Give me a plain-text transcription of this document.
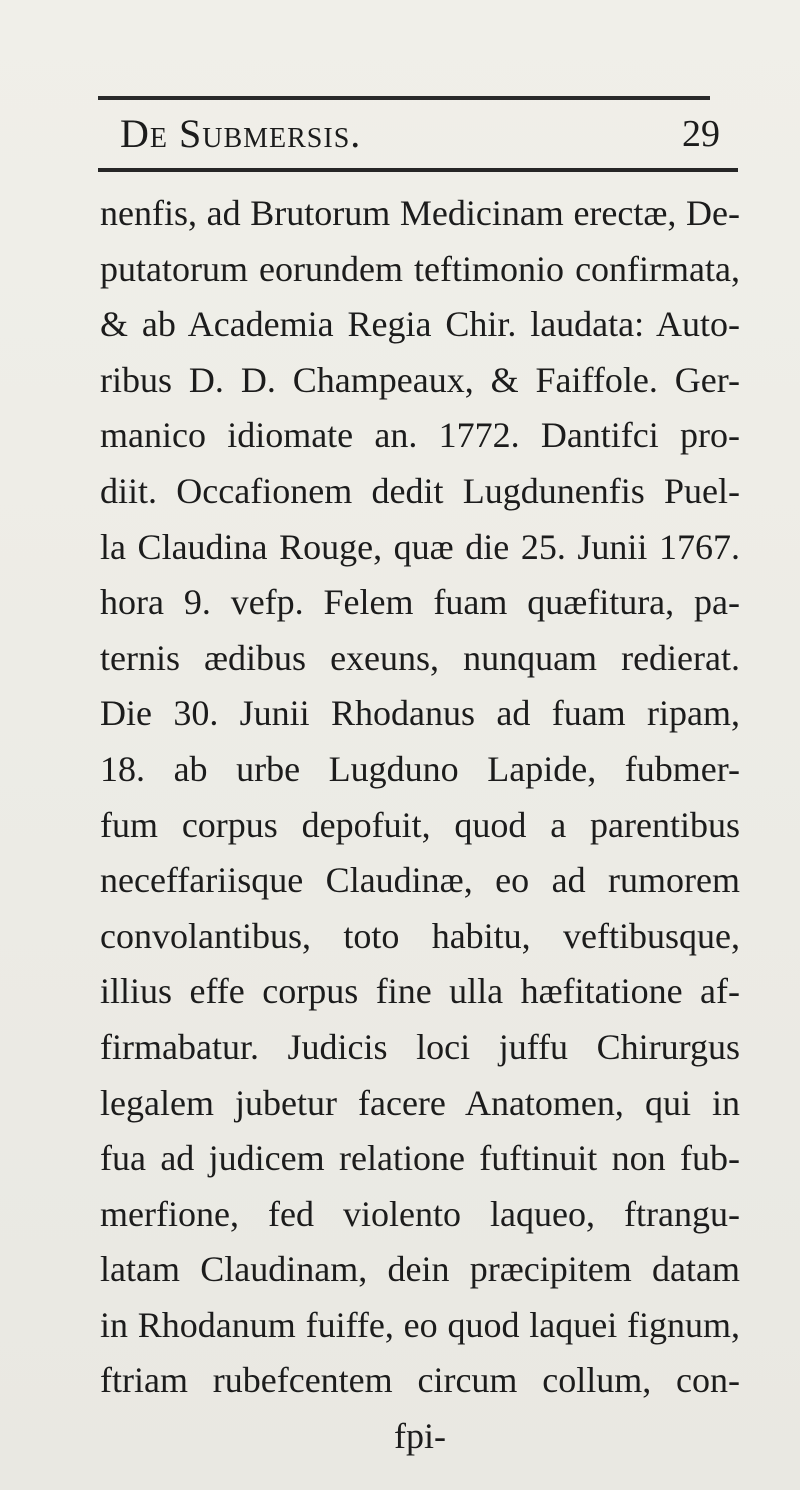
De Submersis.	29
nenfis, ad Brutorum Medicinam erectæ, De-
putatorum eorundem teftimonio confirmata,
& ab Academia Regia Chir. laudata: Auto-
ribus D. D. Champeaux, & Faiffole. Ger-
manico idiomate an. 1772. Dantifci pro-
diit. Occafionem dedit Lugdunenfis Puel-
la Claudina Rouge, quæ die 25. Junii 1767.
hora 9. vefp. Felem fuam quæfitura, pa-
ternis ædibus exeuns, nunquam redierat.
Die 30. Junii Rhodanus ad fuam ripam,
18. ab urbe Lugduno Lapide, fubmer-
fum corpus depofuit, quod a parentibus
neceffariisque Claudinæ, eo ad rumorem
convolantibus, toto habitu, veftibusque,
illius effe corpus fine ulla hæfitatione af-
firmabatur. Judicis loci juffu Chirurgus
legalem jubetur facere Anatomen, qui in
fua ad judicem relatione fuftinuit non fub-
merfione, fed violento laqueo, ftrangu-
latam Claudinam, dein præcipitem datam
in Rhodanum fuiffe, eo quod laquei fignum,
ftriam rubefcentem circum collum, con-
fpi-
